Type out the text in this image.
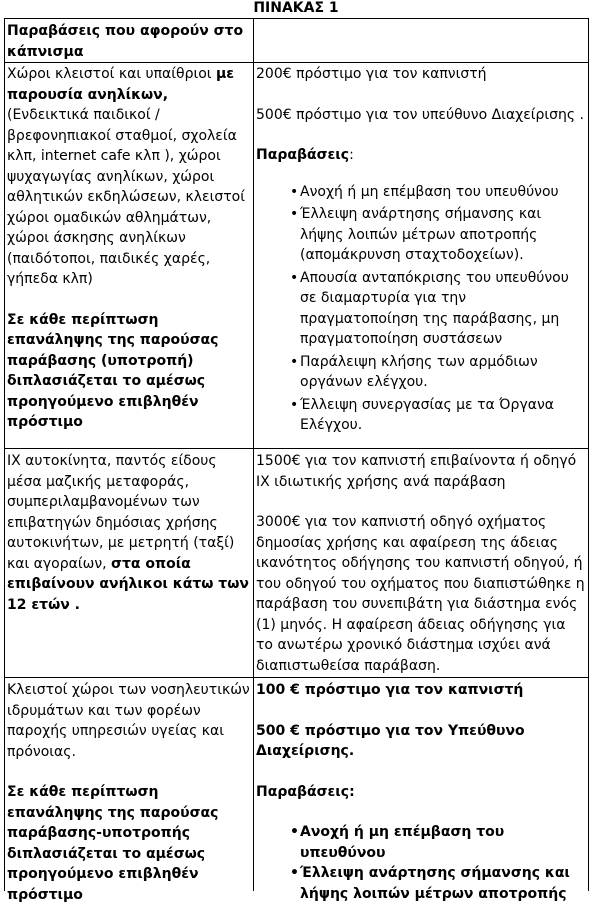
ΠΙΝΑΚΑΣ 1

Παραβάσεις που αφορούν στο κάπνισμα

Χώροι κλειστοί και υπαίθριοι με παρουσία ανηλίκων, (Ενδεικτικά παιδικοί / βρεφονηπιακοί σταθμοί, σχολεία κλπ, internet cafe κλπ ), χώροι ψυχαγωγίας ανηλίκων, χώροι αθλητικών εκδηλώσεων, κλειστοί χώροι ομαδικών αθλημάτων, χώροι άσκησης ανηλίκων (παιδότοποι, παιδικές χαρές, γήπεδα κλπ)

Σε κάθε περίπτωση επανάληψης της παρούσας παράβασης (υποτροπή) διπλασιάζεται το αμέσως προηγούμενο επιβληθέν πρόστιμο

200€ πρόστιμο για τον καπνιστή

500€ πρόστιμο για τον υπεύθυνο Διαχείρισης .

Παραβάσεις:

• Ανοχή ή μη επέμβαση του υπευθύνου
• Έλλειψη ανάρτησης σήμανσης και λήψης λοιπών μέτρων αποτροπής (απομάκρυνση σταχτοδοχείων).
• Απουσία ανταπόκρισης του υπευθύνου σε διαμαρτυρία για την πραγματοποίηση της παράβασης, μη πραγματοποίηση συστάσεων
• Παράλειψη κλήσης των αρμόδιων οργάνων ελέγχου.
• Έλλειψη συνεργασίας με τα Όργανα Ελέγχου.

ΙΧ αυτοκίνητα, παντός είδους μέσα μαζικής μεταφοράς, συμπεριλαμβανομένων των επιβατηγών δημόσιας χρήσης αυτοκινήτων, με μετρητή (ταξί) και αγοραίων, στα οποία επιβαίνουν ανήλικοι κάτω των 12 ετών .

1500€ για τον καπνιστή επιβαίνοντα ή οδηγό ΙΧ ιδιωτικής χρήσης ανά παράβαση

3000€ για τον καπνιστή οδηγό οχήματος δημοσίας χρήσης και αφαίρεση της άδειας ικανότητος οδήγησης του καπνιστή οδηγού, ή του οδηγού του οχήματος που διαπιστώθηκε η παράβαση του συνεπιβάτη για διάστημα ενός (1) μηνός. Η αφαίρεση άδειας οδήγησης για το ανωτέρω χρονικό διάστημα ισχύει ανά διαπιστωθείσα παράβαση.

Κλειστοί χώροι των νοσηλευτικών ιδρυμάτων και των φορέων παροχής υπηρεσιών υγείας και πρόνοιας.

Σε κάθε περίπτωση επανάληψης της παρούσας παράβασης-υποτροπής διπλασιάζεται το αμέσως προηγούμενο επιβληθέν πρόστιμο

100 € πρόστιμο για τον καπνιστή

500 € πρόστιμο για τον Υπεύθυνο Διαχείρισης.

Παραβάσεις:

• Ανοχή ή μη επέμβαση του υπευθύνου
• Έλλειψη ανάρτησης σήμανσης και λήψης λοιπών μέτρων αποτροπής
